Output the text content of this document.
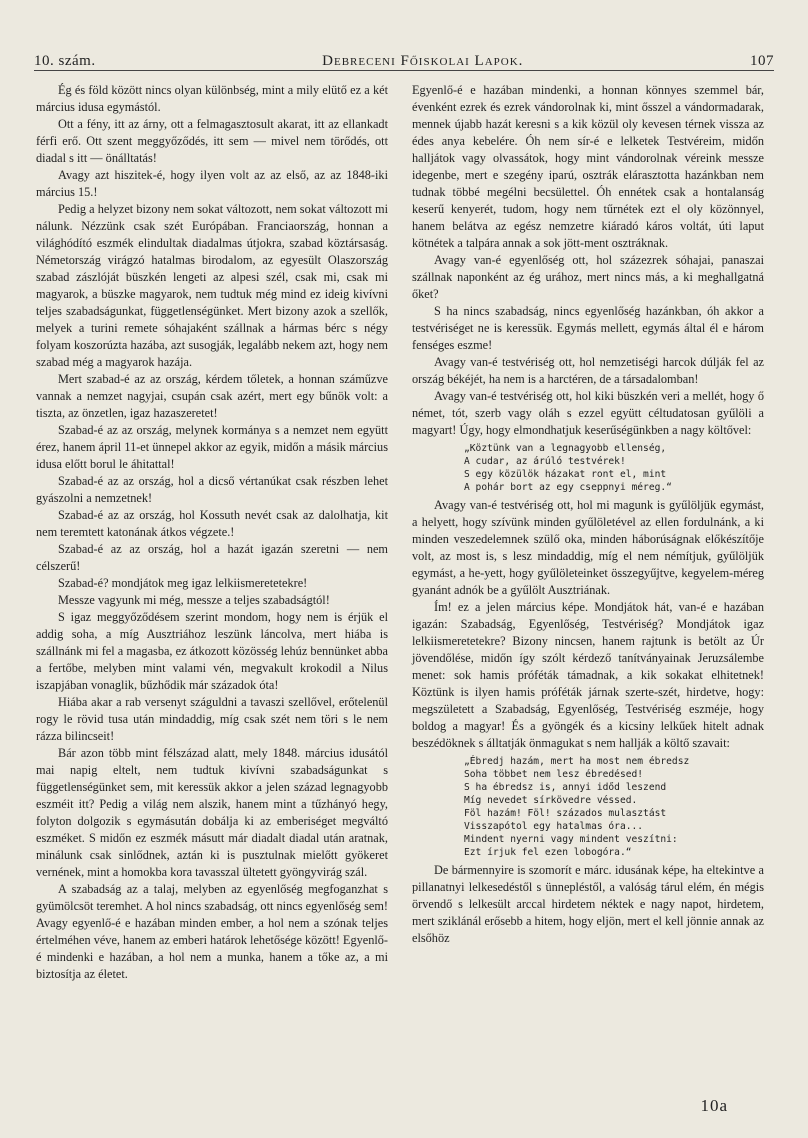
10. szám.	Debreceni Főiskolai Lapok.	107

Ég és föld között nincs olyan különbség, mint a mily elütő ez a két március idusa egymástól.

Ott a fény, itt az árny, ott a felmagasztosult akarat, itt az ellankadt férfi erő. Ott szent meggyőződés, itt sem — mivel nem törődés, ott diadal s itt — önálltatás!

Avagy azt hiszitek-é, hogy ilyen volt az az első, az az 1848-iki március 15.!

Pedig a helyzet bizony nem sokat változott, nem sokat változott mi nálunk. Nézzünk csak szét Európában. Franciaország, honnan a világhódító eszmék elindultak diadalmas útjokra, szabad köztársaság. Németország virágzó hatalmas birodalom, az egyesült Olaszország szabad zászlóját büszkén lengeti az alpesi szél, csak mi, csak mi magyarok, a büszke magyarok, nem tudtuk még mind ez ideig kivívni teljes szabadságunkat, függetlenségünket. Mert bizony azok a szellők, melyek a turini remete sóhajaként szállnak a hármas bérc s négy folyam koszorúzta hazába, azt susogják, legalább nekem azt, hogy nem szabad még a magyarok hazája.

Mert szabad-é az az ország, kérdem tőletek, a honnan száműzve vannak a nemzet nagyjai, csupán csak azért, mert egy bűnök volt: a tiszta, az önzetlen, igaz hazaszeretet!

Szabad-é az az ország, melynek kormánya s a nemzet nem együtt érez, hanem ápril 11-et ünnepel akkor az egyik, midőn a másik március idusa előtt borul le áhitattal!

Szabad-é az az ország, hol a dicső vértanúkat csak részben lehet gyászolni a nemzetnek!

Szabad-é az az ország, hol Kossuth nevét csak az dalolhatja, kit nem teremtett katonának átkos végzete.!

Szabad-é az az ország, hol a hazát igazán szeretni — nem célszerű!

Szabad-é? mondjátok meg igaz lelkiismeretetekre!

Messze vagyunk mi még, messze a teljes szabadságtól!

S igaz meggyőződésem szerint mondom, hogy nem is érjük el addig soha, a míg Ausztriához leszünk láncolva, mert hiába is szállnánk mi fel a magasba, ez átkozott közösség lehúz bennünket abba a fertőbe, melyben mint valami vén, megvakult krokodil a Nilus iszapjában vonaglik, bűzhődik már századok óta!

Hiába akar a rab versenyt száguldni a tavaszi szellővel, erőtelenül rogy le rövid tusa után mindaddig, míg csak szét nem töri s le nem rázza bilincseit!

Bár azon több mint félszázad alatt, mely 1848. március idusától mai napig eltelt, nem tudtuk kivívni szabadságunkat s függetlenségünket sem, mit keressük akkor a jelen század legnagyobb eszméit itt? Pedig a világ nem alszik, hanem mint a tűzhányó hegy, folyton dolgozik s egymásután dobálja ki az emberiséget megváltó eszméket. S midőn ez eszmék másutt már diadalt diadal után aratnak, minálunk csak sinlődnek, aztán ki is pusztulnak mielőtt gyökeret vernének, mint a homokba kora tavasszal ültetett gyöngyvirág szál.

A szabadság az a talaj, melyben az egyenlőség megfoganzhat s gyümölcsöt teremhet. A hol nincs szabadság, ott nincs egyenlőség sem! Avagy egyenlő-é e hazában minden ember, a hol nem a szónak teljes értelméhen véve, hanem az emberi határok lehetősége között! Egyenlő-é mindenki e hazában, a hol nem a munka, hanem a tőke az, a mi biztosítja az életet.

Egyenlő-é e hazában mindenki, a honnan könnyes szemmel bár, évenként ezrek és ezrek vándorolnak ki, mint ősszel a vándormadarak, mennek újabb hazát keresni s a kik közül oly kevesen térnek vissza az édes anya kebelére. Óh nem sír-é e lelketek Testvéreim, midőn halljátok vagy olvassátok, hogy mint vándorolnak véreink messze idegenbe, mert e szegény iparú, osztrák elárasztotta hazánkban nem tudnak többé megélni becsülettel. Óh ennétek csak a hontalanság keserű kenyerét, tudom, hogy nem tűrnétek ezt el oly közönnyel, hanem belátva az egész nemzetre kiáradó káros voltát, úti laput kötnétek a talpára annak a sok jött-ment osztráknak.

Avagy van-é egyenlőség ott, hol százezrek sóhajai, panaszai szállnak naponként az ég urához, mert nincs más, a ki meghallgatná őket?

S ha nincs szabadság, nincs egyenlőség hazánkban, óh akkor a testvériséget ne is keressük. Egymás mellett, egymás által él e három fenséges eszme!

Avagy van-é testvériség ott, hol nemzetiségi harcok dúlják fel az ország békéjét, ha nem is a harctéren, de a társadalomban!

Avagy van-é testvériség ott, hol kiki büszkén veri a mellét, hogy ő német, tót, szerb vagy oláh s ezzel együtt céltudatosan gyűlöli a magyart! Úgy, hogy elmondhatjuk keserűségünkben a nagy költővel:

„Köztünk van a legnagyobb ellenség,
A cudar, az árúló testvérek!
S egy közülök házakat ront el, mint
A pohár bort az egy cseppnyi méreg.“

Avagy van-é testvériség ott, hol mi magunk is gyűlöljük egymást, a helyett, hogy szívünk minden gyűlöletével az ellen fordulnánk, a ki minden veszedelemnek szülő oka, minden háborúságnak előkészítője volt, az most is, s lesz mindaddig, míg el nem némítjuk, gyűlöljük egymást, a he-yett, hogy gyűlöleteinket összegyűjtve, kegyelem-méreg gyanánt adnók be a gyűlölt Ausztriának.

Ím! ez a jelen március képe. Mondjátok hát, van-é e hazában igazán: Szabadság, Egyenlőség, Testvériség? Mondjátok igaz lelkiismeretetekre? Bizony nincsen, hanem rajtunk is betölt az Úr jövendőlése, midőn így szólt kérdező tanítványainak Jeruzsálembe menet: sok hamis próféták támadnak, a kik sokakat elhitetnek! Köztünk is ilyen hamis próféták járnak szerte-szét, hirdetve, hogy: megszületett a Szabadság, Egyenlőség, Testvériség eszméje, hogy boldog a magyar! És a gyöngék és a kicsiny lelkűek hitelt adnak beszédöknek s álltatják önmagukat s nem hallják a költő szavait:

„Ébredj hazám, mert ha most nem ébredsz
Soha többet nem lesz ébredésed!
S ha ébredsz is, annyi időd leszend
Míg nevedet sírkövedre véssed.
Föl hazám! Föl! százados mulasztást
Visszapótol egy hatalmas óra...
Mindent nyerni vagy mindent veszítni:
Ezt írjuk fel ezen lobogóra.“

De bármennyire is szomorít e márc. idusának képe, ha eltekintve a pillanatnyi lelkesedéstől s ünnepléstől, a valóság tárul elém, én mégis örvendő s lelkesült arccal hirdetem néktek e nagy napot, hirdetem, mert sziklánál erősebb a hitem, hogy eljön, mert el kell jönnie annak az elsőhöz

10a
